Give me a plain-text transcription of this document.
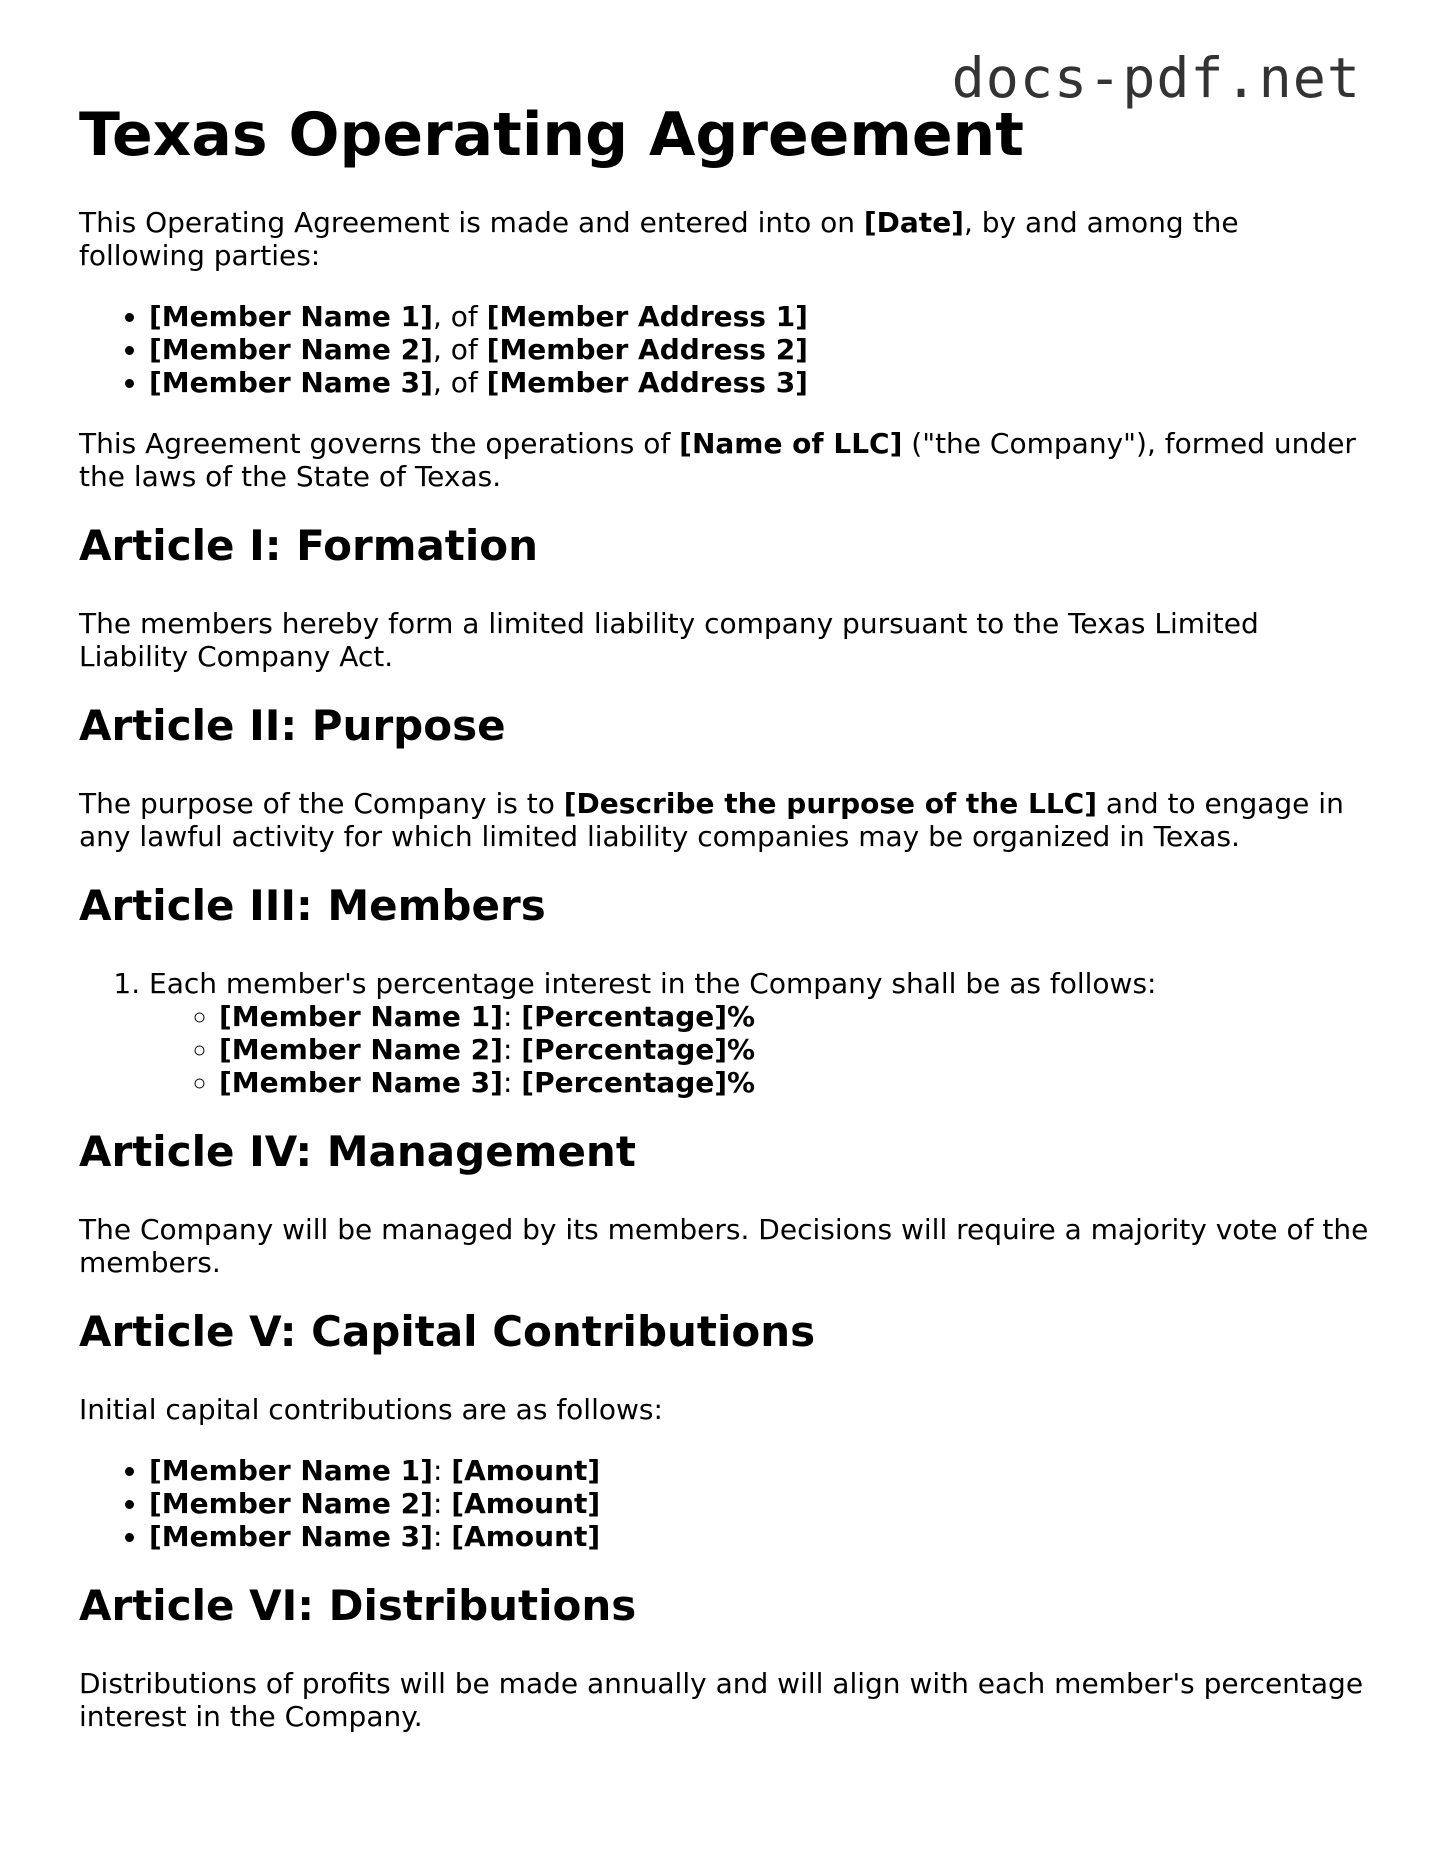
docs-pdf.net
Texas Operating Agreement

This Operating Agreement is made and entered into on [Date], by and among the following parties:

• [Member Name 1], of [Member Address 1]
• [Member Name 2], of [Member Address 2]
• [Member Name 3], of [Member Address 3]

This Agreement governs the operations of [Name of LLC] ("the Company"), formed under the laws of the State of Texas.

Article I: Formation

The members hereby form a limited liability company pursuant to the Texas Limited Liability Company Act.

Article II: Purpose

The purpose of the Company is to [Describe the purpose of the LLC] and to engage in any lawful activity for which limited liability companies may be organized in Texas.

Article III: Members
1. Each member's percentage interest in the Company shall be as follows:
◦ [Member Name 1]: [Percentage]%
◦ [Member Name 2]: [Percentage]%
◦ [Member Name 3]: [Percentage]%
Article IV: Management

The Company will be managed by its members. Decisions will require a majority vote of the members.

Article V: Capital Contributions

Initial capital contributions are as follows:

• [Member Name 1]: [Amount]
• [Member Name 2]: [Amount]
• [Member Name 3]: [Amount]
Article VI: Distributions

Distributions of profits will be made annually and will align with each member's percentage interest in the Company.
